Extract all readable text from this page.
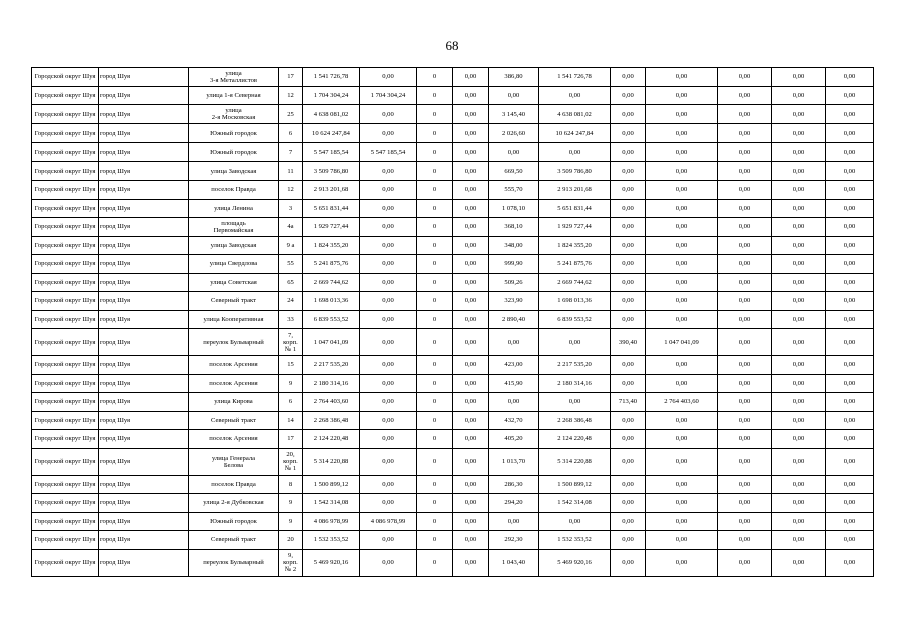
68
Городской округ Шуя	город Шуя	улица
3-я Металлистов	17	1 541 726,78	0,00	0	0,00	386,80	1 541 726,78	0,00	0,00	0,00	0,00	0,00
Городской округ Шуя	город Шуя	улица 1-я Северная	12	1 704 304,24	1 704 304,24	0	0,00	0,00	0,00	0,00	0,00	0,00	0,00	0,00
Городской округ Шуя	город Шуя	улица
2-я Московская	25	4 638 081,02	0,00	0	0,00	3 145,40	4 638 081,02	0,00	0,00	0,00	0,00	0,00
Городской округ Шуя	город Шуя	Южный городок	6	10 624 247,84	0,00	0	0,00	2 026,60	10 624 247,84	0,00	0,00	0,00	0,00	0,00
Городской округ Шуя	город Шуя	Южный городок	7	5 547 185,54	5 547 185,54	0	0,00	0,00	0,00	0,00	0,00	0,00	0,00	0,00
Городской округ Шуя	город Шуя	улица Заводская	11	3 509 786,80	0,00	0	0,00	669,50	3 509 786,80	0,00	0,00	0,00	0,00	0,00
Городской округ Шуя	город Шуя	поселок Правда	12	2 913 201,68	0,00	0	0,00	555,70	2 913 201,68	0,00	0,00	0,00	0,00	0,00
Городской округ Шуя	город Шуя	улица Ленина	3	5 651 831,44	0,00	0	0,00	1 078,10	5 651 831,44	0,00	0,00	0,00	0,00	0,00
Городской округ Шуя	город Шуя	площадь
Первомайская	4а	1 929 727,44	0,00	0	0,00	368,10	1 929 727,44	0,00	0,00	0,00	0,00	0,00
Городской округ Шуя	город Шуя	улица Заводская	9 а	1 824 355,20	0,00	0	0,00	348,00	1 824 355,20	0,00	0,00	0,00	0,00	0,00
Городской округ Шуя	город Шуя	улица Свердлова	55	5 241 875,76	0,00	0	0,00	999,90	5 241 875,76	0,00	0,00	0,00	0,00	0,00
Городской округ Шуя	город Шуя	улица Советская	65	2 669 744,62	0,00	0	0,00	509,26	2 669 744,62	0,00	0,00	0,00	0,00	0,00
Городской округ Шуя	город Шуя	Северный тракт	24	1 698 013,36	0,00	0	0,00	323,90	1 698 013,36	0,00	0,00	0,00	0,00	0,00
Городской округ Шуя	город Шуя	улица Кооперативная	33	6 839 553,52	0,00	0	0,00	2 890,40	6 839 553,52	0,00	0,00	0,00	0,00	0,00
Городской округ Шуя	город Шуя	переулок Бульварный	7,
корп.
№ 1	1 047 041,09	0,00	0	0,00	0,00	0,00	390,40	1 047 041,09	0,00	0,00	0,00
Городской округ Шуя	город Шуя	поселок Арсения	15	2 217 535,20	0,00	0	0,00	423,00	2 217 535,20	0,00	0,00	0,00	0,00	0,00
Городской округ Шуя	город Шуя	поселок Арсения	9	2 180 314,16	0,00	0	0,00	415,90	2 180 314,16	0,00	0,00	0,00	0,00	0,00
Городской округ Шуя	город Шуя	улица Кирова	6	2 764 403,60	0,00	0	0,00	0,00	0,00	713,40	2 764 403,60	0,00	0,00	0,00
Городской округ Шуя	город Шуя	Северный тракт	14	2 268 386,48	0,00	0	0,00	432,70	2 268 386,48	0,00	0,00	0,00	0,00	0,00
Городской округ Шуя	город Шуя	поселок Арсения	17	2 124 220,48	0,00	0	0,00	405,20	2 124 220,48	0,00	0,00	0,00	0,00	0,00
Городской округ Шуя	город Шуя	улица Генерала
Белова	20,
корп.
№ 1	5 314 220,88	0,00	0	0,00	1 013,70	5 314 220,88	0,00	0,00	0,00	0,00	0,00
Городской округ Шуя	город Шуя	поселок Правда	8	1 500 899,12	0,00	0	0,00	286,30	1 500 899,12	0,00	0,00	0,00	0,00	0,00
Городской округ Шуя	город Шуя	улица 2-я Дубковская	9	1 542 314,08	0,00	0	0,00	294,20	1 542 314,08	0,00	0,00	0,00	0,00	0,00
Городской округ Шуя	город Шуя	Южный городок	9	4 086 978,99	4 086 978,99	0	0,00	0,00	0,00	0,00	0,00	0,00	0,00	0,00
Городской округ Шуя	город Шуя	Северный тракт	20	1 532 353,52	0,00	0	0,00	292,30	1 532 353,52	0,00	0,00	0,00	0,00	0,00
Городской округ Шуя	город Шуя	переулок Бульварный	9,
корп.
№ 2	5 469 920,16	0,00	0	0,00	1 043,40	5 469 920,16	0,00	0,00	0,00	0,00	0,00
